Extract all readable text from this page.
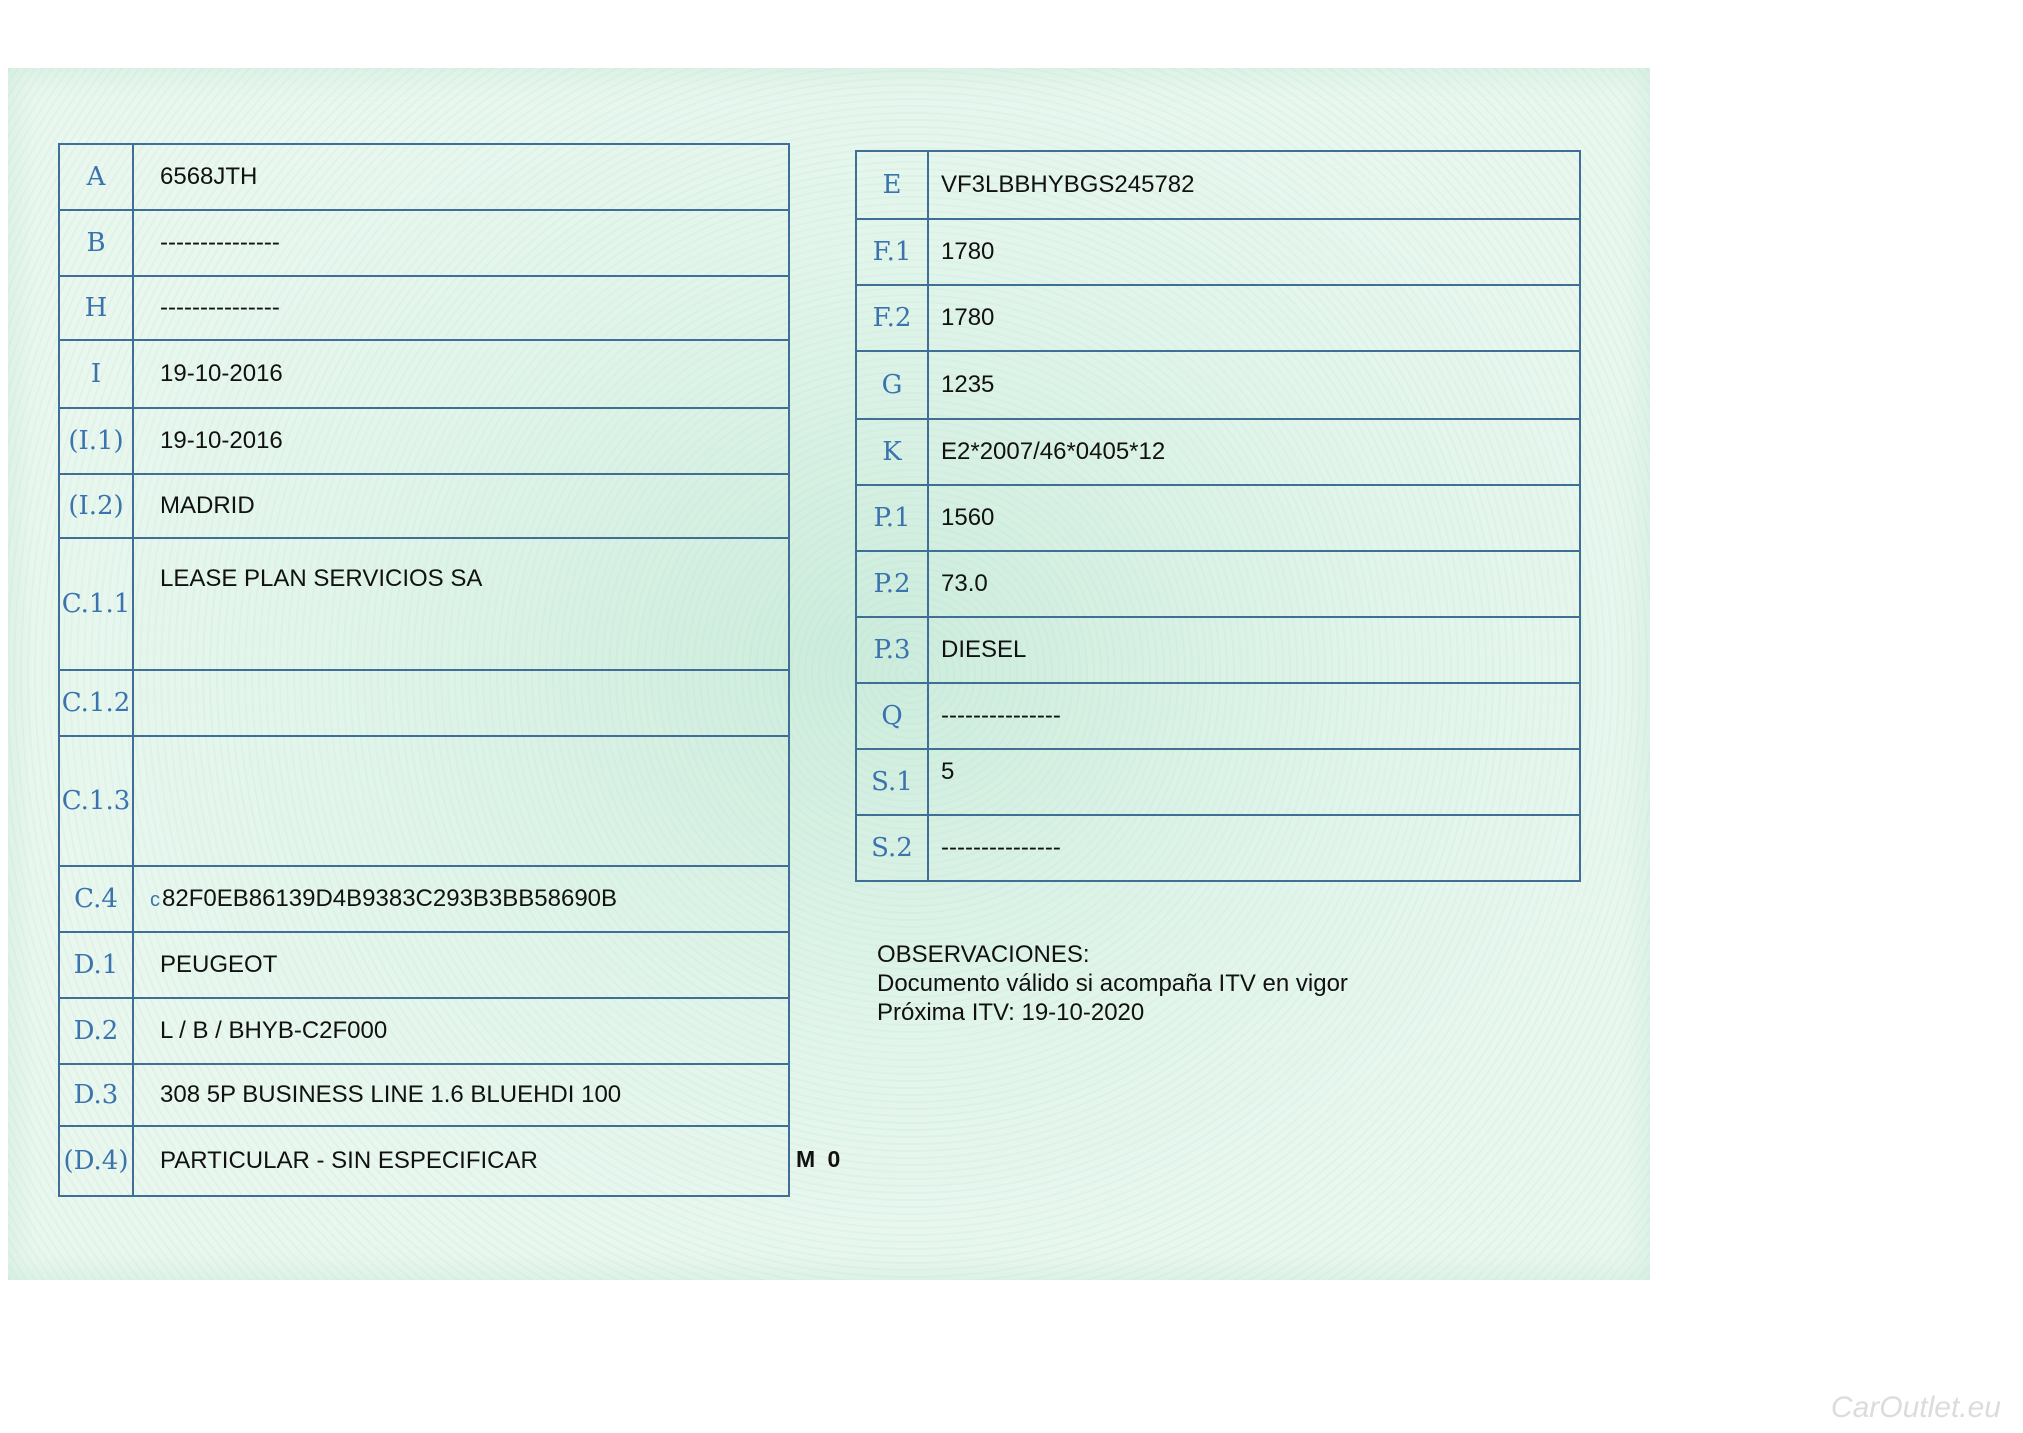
A	6568JTH
B	---------------
H	---------------
I	19-10-2016
(I.1)	19-10-2016
(I.2)	MADRID
C.1.1	LEASE PLAN SERVICIOS SA
C.1.2	
C.1.3	
C.4	c82F0EB86139D4B9383C293B3BB58690B
D.1	PEUGEOT
D.2	L / B / BHYB-C2F000
D.3	308 5P BUSINESS LINE 1.6 BLUEHDI 100
(D.4)	PARTICULAR - SIN ESPECIFICAR
E	VF3LBBHYBGS245782
F.1	1780
F.2	1780
G	1235
K	E2*2007/46*0405*12
P.1	1560
P.2	73.0
P.3	DIESEL
Q	---------------
S.1	5
S.2	---------------
OBSERVACIONES:
Documento válido si acompaña ITV en vigor
Próxima ITV: 19-10-2020
M 0
CarOutlet.eu
